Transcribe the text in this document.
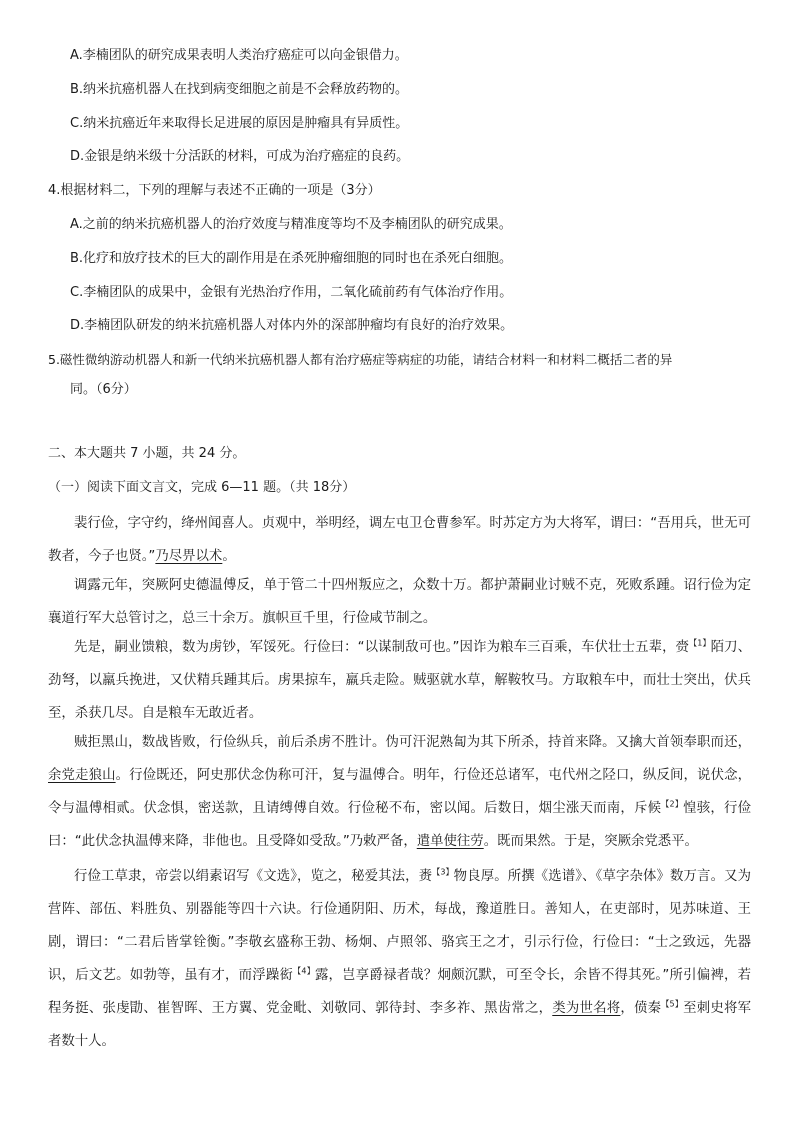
A.李楠团队的研究成果表明人类治疗癌症可以向金银借力。
B.纳米抗癌机器人在找到病变细胞之前是不会释放药物的。
C.纳米抗癌近年来取得长足进展的原因是肿瘤具有异质性。
D.金银是纳米级十分活跃的材料，可成为治疗癌症的良药。
4.根据材料二，下列的理解与表述不正确的一项是（3分）
A.之前的纳米抗癌机器人的治疗效度与精准度等均不及李楠团队的研究成果。
B.化疗和放疗技术的巨大的副作用是在杀死肿瘤细胞的同时也在杀死白细胞。
C.李楠团队的成果中，金银有光热治疗作用，二氧化硫前药有气体治疗作用。
D.李楠团队研发的纳米抗癌机器人对体内外的深部肿瘤均有良好的治疗效果。
5.磁性微纳游动机器人和新一代纳米抗癌机器人都有治疗癌症等病症的功能，请结合材料一和材料二概括二者的异
同。（6分）
二、本大题共 7 小题，共 24 分。
（一）阅读下面文言文，完成 6—11 题。（共 18分）
裴行俭，字守约，绛州闻喜人。贞观中，举明经，调左屯卫仓曹参军。时苏定方为大将军，谓曰：“吾用兵，世无可教者，今子也贤。”乃尽畀以术。
调露元年，突厥阿史德温傅反，单于管二十四州叛应之，众数十万。都护萧嗣业讨贼不克，死败系踵。诏行俭为定襄道行军大总管讨之，总三十余万。旗帜亘千里，行俭咸节制之。
先是，嗣业馈粮，数为虏钞，军馁死。行俭曰：“以谋制敌可也。”因诈为粮车三百乘，车伏壮士五辈，赍$^{【1】}$陌刀、劲弩，以羸兵挽进，又伏精兵踵其后。虏果掠车，羸兵走险。贼驱就水草，解鞍牧马。方取粮车中，而壮士突出，伏兵至，杀获几尽。自是粮车无敢近者。
贼拒黑山，数战皆败，行俭纵兵，前后杀虏不胜计。伪可汗泥熟匐为其下所杀，持首来降。又擒大首领奉职而还，余党走狼山。行俭既还，阿史那伏念伪称可汗，复与温傅合。明年，行俭还总诸军，屯代州之陉口，纵反间，说伏念，令与温傅相贰。伏念惧，密送款，且请缚傅自效。行俭秘不布，密以闻。后数日，烟尘涨天而南，斥候$^{【2】}$惶骇，行俭曰：“此伏念执温傅来降，非他也。且受降如受敌。”乃敕严备，遣单使往劳。既而果然。于是，突厥余党悉平。
行俭工草隶，帝尝以绢素诏写《文选》，览之，秘爱其法，赉$^{【3】}$物良厚。所撰《选谱》、《草字杂体》数万言。又为营阵、部伍、料胜负、别器能等四十六诀。行俭通阴阳、历术，每战，豫道胜日。善知人，在吏部时，见苏味道、王剧，谓曰：“二君后皆掌铨衡。”李敬玄盛称王勃、杨炯、卢照邻、骆宾王之才，引示行俭，行俭曰：“士之致远，先器识，后文艺。如勃等，虽有才，而浮躁衒$^{【4】}$露，岂享爵禄者哉？炯颇沉默，可至令长，余皆不得其死。”所引偏裨，若程务挺、张虔勖、崔智晖、王方翼、党金毗、刘敬同、郭待封、李多祚、黑齿常之，类为世名将，偾秦$^{【5】}$至刺史将军者数十人。
